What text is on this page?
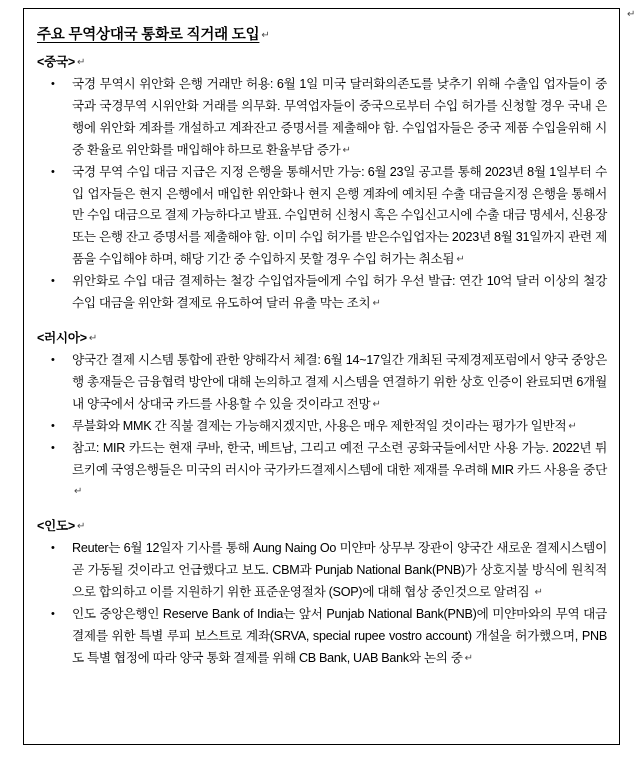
↵
주요 무역상대국 통화로 직거래 도입 ↵
<중국> ↵
• 국경 무역시 위안화 은행 거래만 허용: 6월 1일 미국 달러화의존도를 낮추기 위해 수출입 업자들이 중국과 국경무역 시위안화 거래를 의무화. 무역업자들이 중국으로부터 수입 허가를 신청할 경우 국내 은행에 위안화 계좌를 개설하고 계좌잔고 증명서를 제출해야 함. 수입업자들은 중국 제품 수입을위해 시중 환율로 위안화를 매입해야 하므로 환율부담 증가 ↵
• 국경 무역 수입 대금 지급은 지정 은행을 통해서만 가능: 6월 23일 공고를 통해 2023년 8월 1일부터 수입 업자들은 현지 은행에서 매입한 위안화나 현지 은행 계좌에 예치된 수출 대금을지정 은행을 통해서만 수입 대금으로 결제 가능하다고 발표. 수입면허 신청시 혹은 수입신고시에 수출 대금 명세서, 신용장 또는 은행 잔고 증명서를 제출해야 함. 이미 수입 허가를 받은수입업자는 2023년 8월 31일까지 관련 제품을 수입해야 하며, 해당 기간 중 수입하지 못할 경우 수입 허가는 취소됨 ↵
• 위안화로 수입 대금 결제하는 철강 수입업자들에게 수입 허가 우선 발급: 연간 10억 달러 이상의 철강 수입 대금을 위안화 결제로 유도하여 달러 유출 막는 조치 ↵
<러시아> ↵
• 양국간 결제 시스템 통합에 관한 양해각서 체결: 6월 14~17일간 개최된 국제경제포럼에서 양국 중앙은행 총재들은 금융협력 방안에 대해 논의하고 결제 시스템을 연결하기 위한 상호 인증이 완료되면 6개월 내 양국에서 상대국 카드를 사용할 수 있을 것이라고 전망 ↵
• 루블화와 MMK 간 직불 결제는 가능해지겠지만, 사용은 매우 제한적일 것이라는 평가가 일반적 ↵
• 참고: MIR 카드는 현재 쿠바, 한국, 베트남, 그리고 예전 구소련 공화국들에서만 사용 가능. 2022년 튀르키예 국영은행들은 미국의 러시아 국가카드결제시스템에 대한 제재를 우려해 MIR 카드 사용을 중단↵
<인도> ↵
• Reuter는 6월 12일자 기사를 통해 Aung Naing Oo 미얀마 상무부 장관이 양국간 새로운 결제시스템이 곧 가동될 것이라고 언급했다고 보도. CBM과 Punjab National Bank(PNB)가 상호지불 방식에 원칙적으로 합의하고 이를 지원하기 위한 표준운영절차 (SOP)에 대해 협상 중인것으로 알려짐 ↵
• 인도 중앙은행인 Reserve Bank of India는 앞서 Punjab National Bank(PNB)에 미얀마와의 무역 대금 결제를 위한 특별 루피 보스트로 계좌(SRVA, special rupee vostro account) 개설을 허가했으며, PNB도 특별 협정에 따라 양국 통화 결제를 위해 CB Bank, UAB Bank와 논의 중 ↵
